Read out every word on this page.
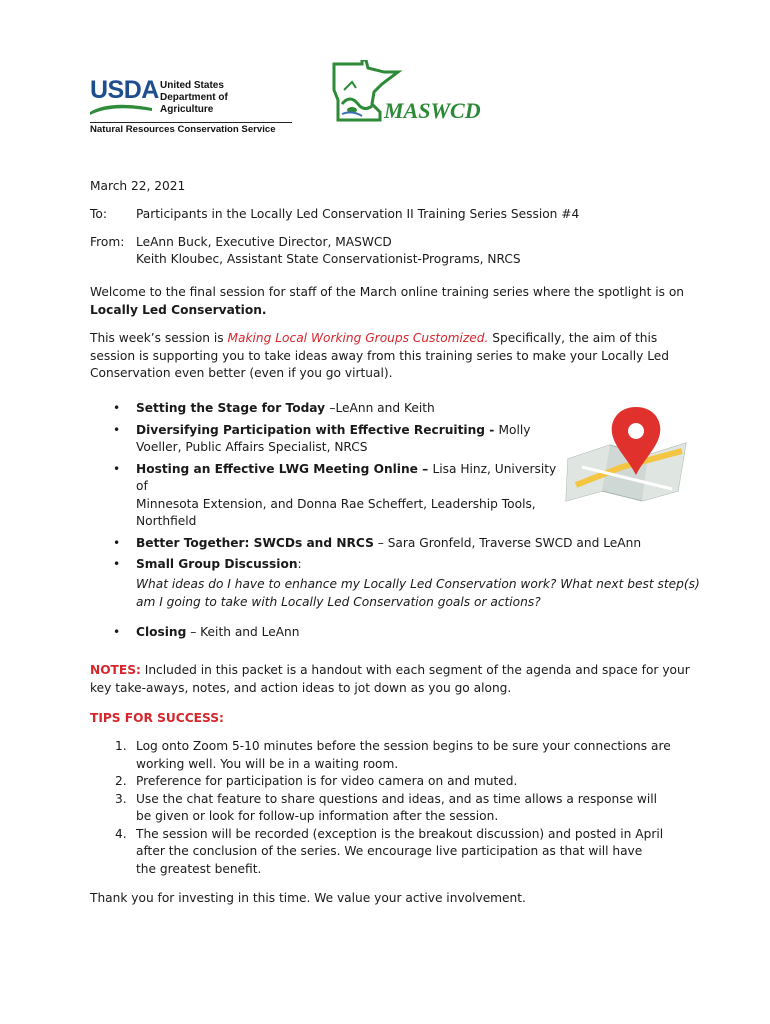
USDA United States
Department of
Agriculture
Natural Resources Conservation Service
MASWCD
March 22, 2021
To: Participants in the Locally Led Conservation II Training Series Session #4
From: LeAnn Buck, Executive Director, MASWCD
Keith Kloubec, Assistant State Conservationist-Programs, NRCS
Welcome to the final session for staff of the March online training series where the spotlight is on
Locally Led Conservation.
This week’s session is Making Local Working Groups Customized. Specifically, the aim of this
session is supporting you to take ideas away from this training series to make your Locally Led
Conservation even better (even if you go virtual).
• Setting the Stage for Today –LeAnn and Keith
• Diversifying Participation with Effective Recruiting - Molly
Voeller, Public Affairs Specialist, NRCS
• Hosting an Effective LWG Meeting Online – Lisa Hinz, University of
Minnesota Extension, and Donna Rae Scheffert, Leadership Tools,
Northfield
• Better Together: SWCDs and NRCS – Sara Gronfeld, Traverse SWCD and LeAnn
• Small Group Discussion:
What ideas do I have to enhance my Locally Led Conservation work? What next best step(s)
am I going to take with Locally Led Conservation goals or actions?
• Closing – Keith and LeAnn
NOTES: Included in this packet is a handout with each segment of the agenda and space for your
key take-aways, notes, and action ideas to jot down as you go along.
TIPS FOR SUCCESS:
1. Log onto Zoom 5-10 minutes before the session begins to be sure your connections are
working well. You will be in a waiting room.
2. Preference for participation is for video camera on and muted.
3. Use the chat feature to share questions and ideas, and as time allows a response will
be given or look for follow-up information after the session.
4. The session will be recorded (exception is the breakout discussion) and posted in April
after the conclusion of the series. We encourage live participation as that will have
the greatest benefit.
Thank you for investing in this time. We value your active involvement.
